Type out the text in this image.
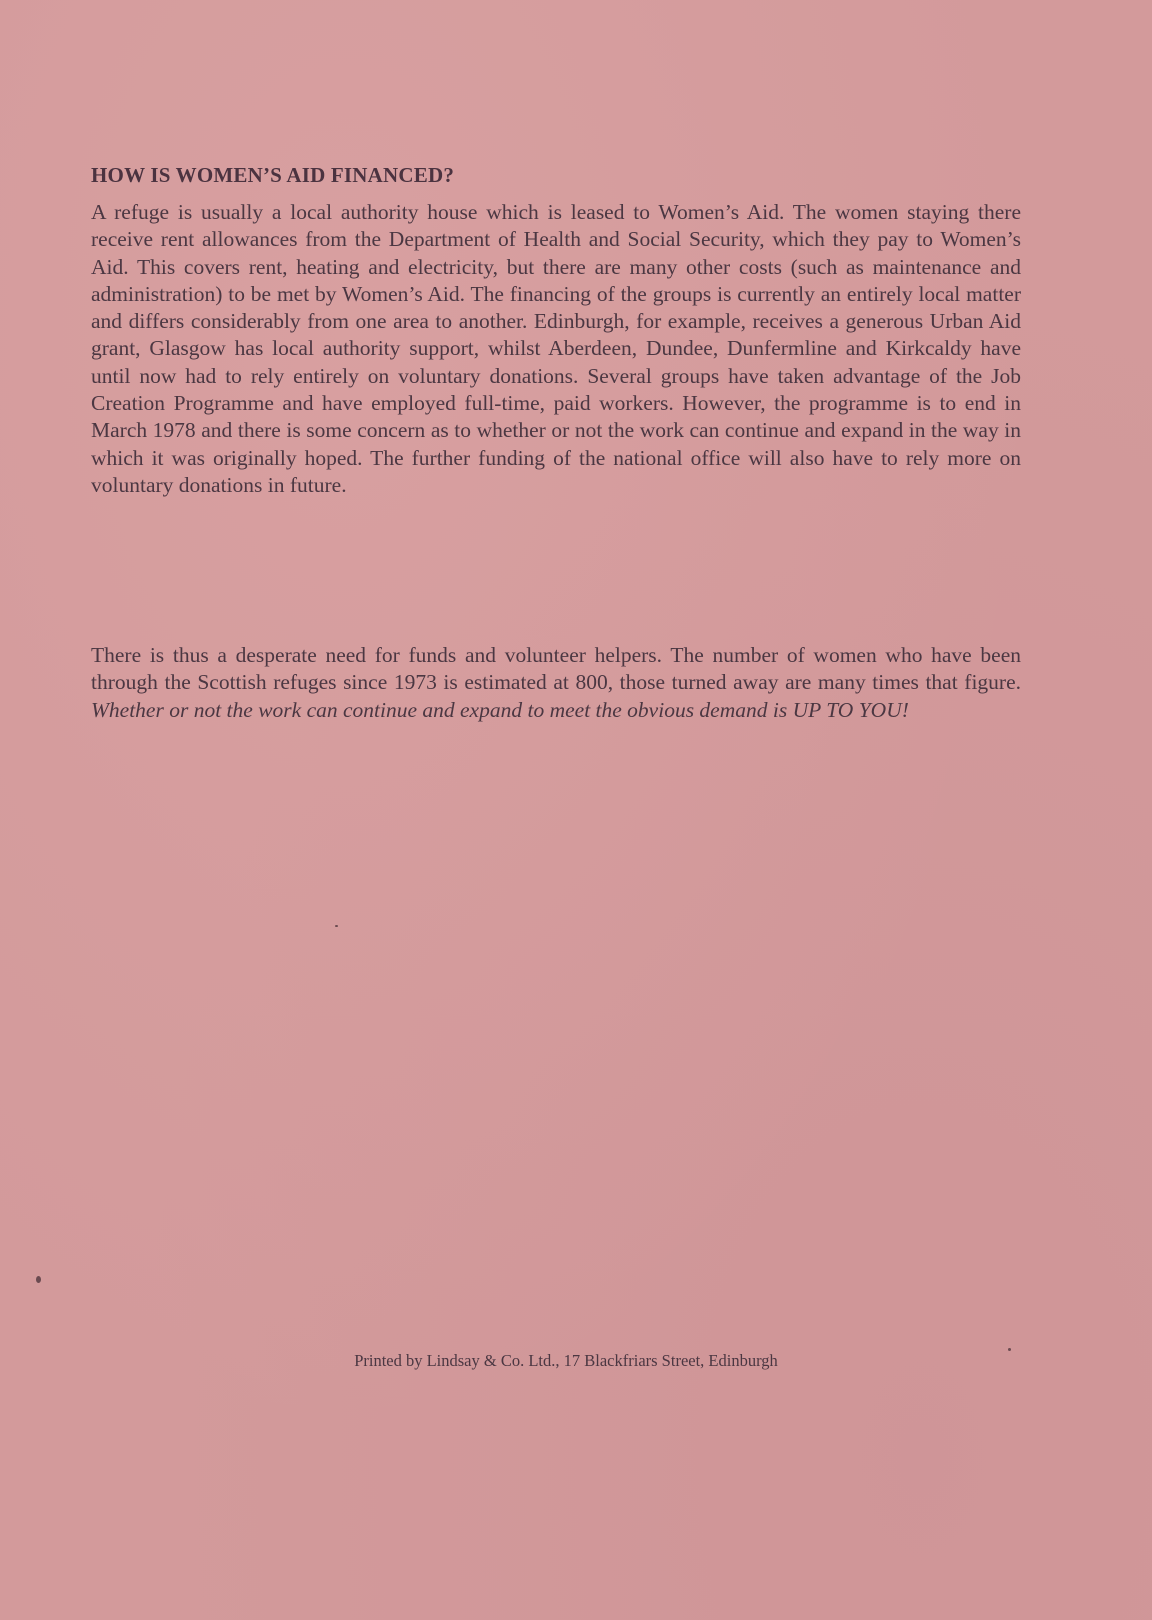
HOW IS WOMEN’S AID FINANCED?

A refuge is usually a local authority house which is leased to Women’s Aid. The women staying there receive rent allowances from the Department of Health and Social Security, which they pay to Women’s Aid. This covers rent, heating and electricity, but there are many other costs (such as maintenance and administration) to be met by Women’s Aid. The financing of the groups is currently an entirely local matter and differs considerably from one area to another. Edinburgh, for example, receives a generous Urban Aid grant, Glasgow has local authority support, whilst Aberdeen, Dundee, Dunfermline and Kirkcaldy have until now had to rely entirely on voluntary donations. Several groups have taken advantage of the Job Creation Programme and have employed full-time, paid workers. However, the programme is to end in March 1978 and there is some concern as to whether or not the work can continue and expand in the way in which it was originally hoped. The further funding of the national office will also have to rely more on voluntary donations in future.

There is thus a desperate need for funds and volunteer helpers. The number of women who have been through the Scottish refuges since 1973 is estimated at 800, those turned away are many times that figure. Whether or not the work can continue and expand to meet the obvious demand is UP TO YOU!

Printed by Lindsay & Co. Ltd., 17 Blackfriars Street, Edinburgh
